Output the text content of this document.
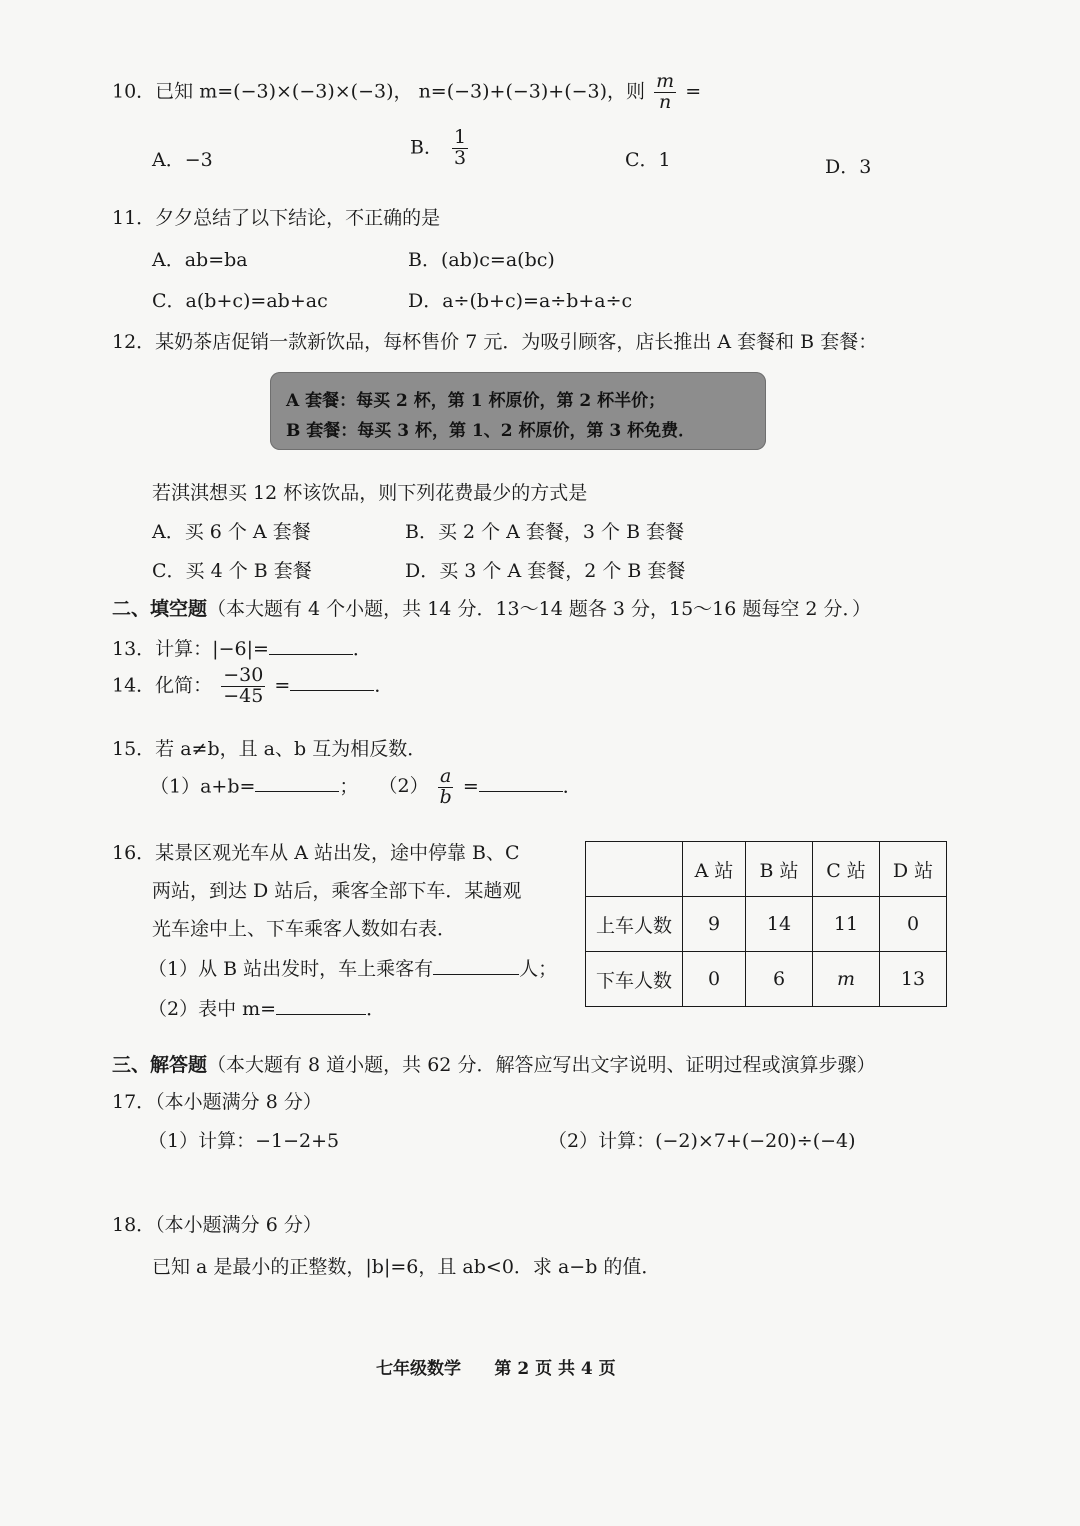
10．已知 m=(−3)×(−3)×(−3)， n=(−3)+(−3)+(−3)，则 $\frac{m}{n}$ =
A．−3
B． $\frac{1}{3}$	C．1	D．3
11．夕夕总结了以下结论，不正确的是
A．ab=ba	B．(ab)c=a(bc)
C．a(b+c)=ab+ac	D．a÷(b+c)=a÷b+a÷c
12．某奶茶店促销一款新饮品，每杯售价 7 元．为吸引顾客，店长推出 A 套餐和 B 套餐：
A 套餐：每买 2 杯，第 1 杯原价，第 2 杯半价；
B 套餐：每买 3 杯，第 1、2 杯原价，第 3 杯免费．
若淇淇想买 12 杯该饮品，则下列花费最少的方式是
A．买 6 个 A 套餐	B．买 2 个 A 套餐，3 个 B 套餐
C．买 4 个 B 套餐	D．买 3 个 A 套餐，2 个 B 套餐
二、填空题（本大题有 4 个小题，共 14 分．13～14 题各 3 分，15～16 题每空 2 分．）
13．计算：|−6|=	．
14．化简： $\frac{-30}{-45}$ =	．
15．若 a≠b，且 a、b 互为相反数．
（1）a+b=	； $(2) \frac{a}{b}$ =	．
16．某景区观光车从 A 站出发，途中停靠 B、C
两站，到达 D 站后，乘客全部下车．某趟观
光车途中上、下车乘客人数如右表．
（1）从 B 站出发时，车上乘客有	人；
（2）表中 m=	．
	A 站	B 站	C 站	D 站
上车人数	9	14	11	0
下车人数	0	6	m	13
三、解答题（本大题有 8 道小题，共 62 分．解答应写出文字说明、证明过程或演算步骤）
17．（本小题满分 8 分）
（1）计算：−1−2+5	（2）计算：(−2)×7+(−20)÷(−4)
18．（本小题满分 6 分）
已知 a 是最小的正整数，|b|=6，且 ab<0．求 a−b 的值．
七年级数学 第 2 页 共 4 页
